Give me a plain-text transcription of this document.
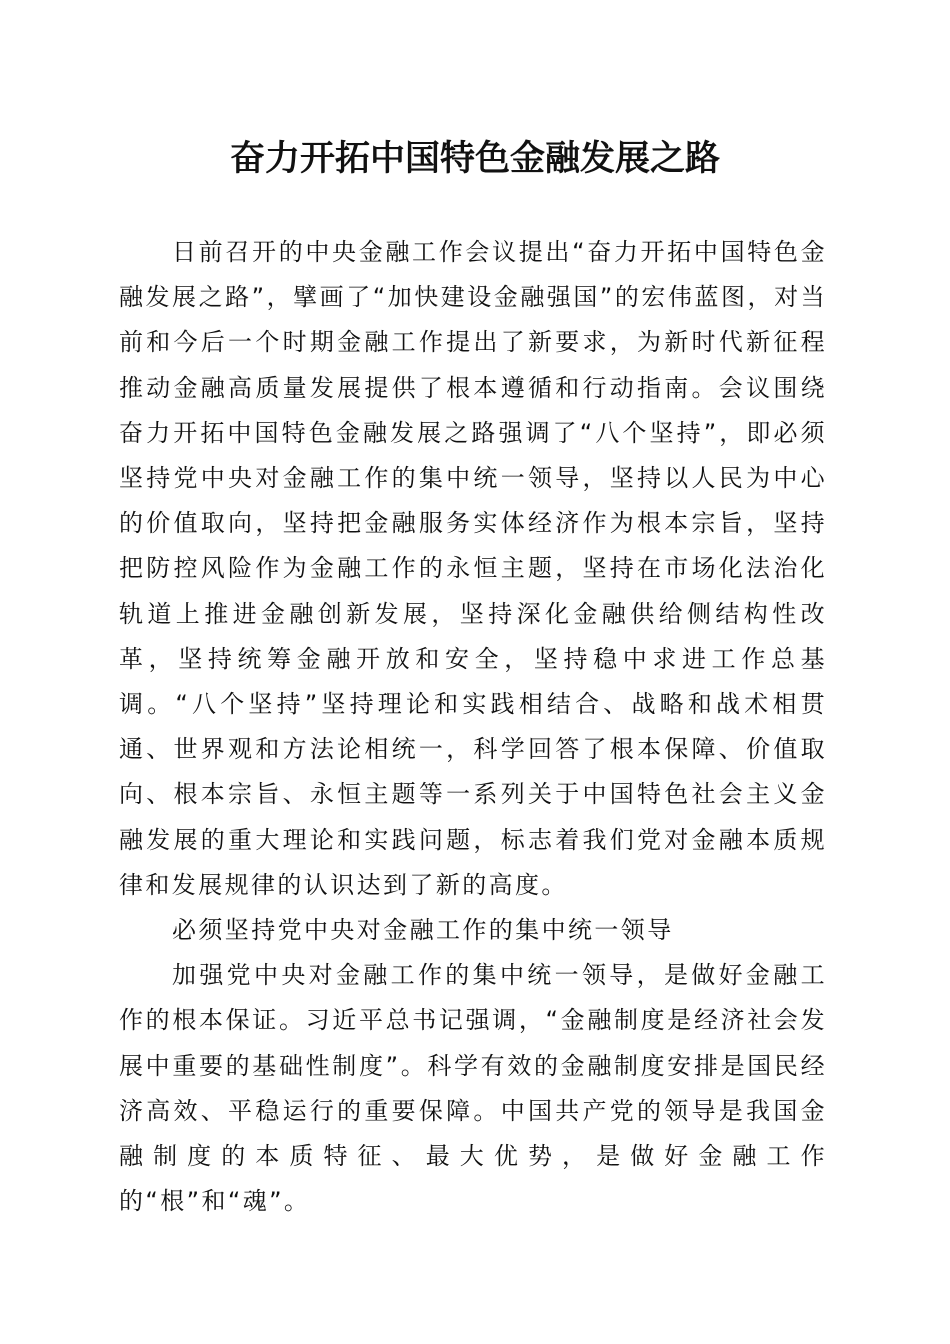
奋力开拓中国特色金融发展之路

日前召开的中央金融工作会议提出“奋力开拓中国特色金融发展之路”，擘画了“加快建设金融强国”的宏伟蓝图，对当前和今后一个时期金融工作提出了新要求，为新时代新征程推动金融高质量发展提供了根本遵循和行动指南。会议围绕奋力开拓中国特色金融发展之路强调了“八个坚持”，即必须坚持党中央对金融工作的集中统一领导，坚持以人民为中心的价值取向，坚持把金融服务实体经济作为根本宗旨，坚持把防控风险作为金融工作的永恒主题，坚持在市场化法治化轨道上推进金融创新发展，坚持深化金融供给侧结构性改革，坚持统筹金融开放和安全，坚持稳中求进工作总基调。“八个坚持”坚持理论和实践相结合、战略和战术相贯通、世界观和方法论相统一，科学回答了根本保障、价值取向、根本宗旨、永恒主题等一系列关于中国特色社会主义金融发展的重大理论和实践问题，标志着我们党对金融本质规律和发展规律的认识达到了新的高度。

必须坚持党中央对金融工作的集中统一领导

加强党中央对金融工作的集中统一领导，是做好金融工作的根本保证。习近平总书记强调，“金融制度是经济社会发展中重要的基础性制度”。科学有效的金融制度安排是国民经济高效、平稳运行的重要保障。中国共产党的领导是我国金融制度的本质特征、最大优势，是做好金融工作的“根”和“魂”。
